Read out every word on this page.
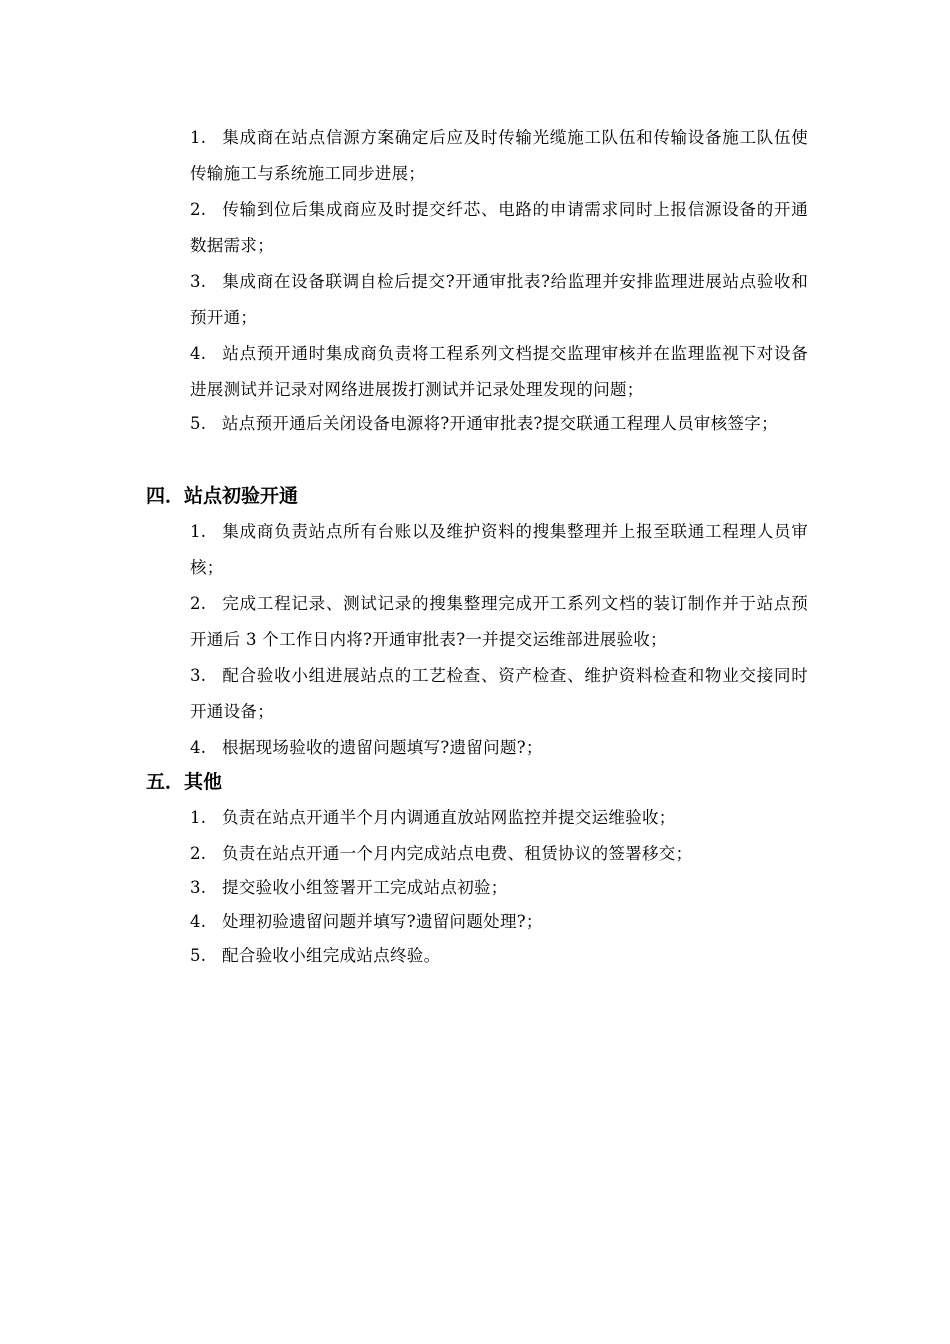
1. 集成商在站点信源方案确定后应及时传输光缆施工队伍和传输设备施工队伍使传输施工与系统施工同步进展；

2. 传输到位后集成商应及时提交纤芯、电路的申请需求同时上报信源设备的开通数据需求；

3. 集成商在设备联调自检后提交?开通审批表?给监理并安排监理进展站点验收和预开通；

4. 站点预开通时集成商负责将工程系列文档提交监理审核并在监理监视下对设备进展测试并记录对网络进展拨打测试并记录处理发现的问题；

5. 站点预开通后关闭设备电源将?开通审批表?提交联通工程理人员审核签字；

四．站点初验开通

1. 集成商负责站点所有台账以及维护资料的搜集整理并上报至联通工程理人员审核；

2. 完成工程记录、测试记录的搜集整理完成开工系列文档的装订制作并于站点预开通后 3 个工作日内将?开通审批表?一并提交运维部进展验收；

3. 配合验收小组进展站点的工艺检查、资产检查、维护资料检查和物业交接同时开通设备；

4. 根据现场验收的遗留问题填写?遗留问题?；

五．其他

1. 负责在站点开通半个月内调通直放站网监控并提交运维验收；

2. 负责在站点开通一个月内完成站点电费、租赁协议的签署移交；

3. 提交验收小组签署开工完成站点初验；

4. 处理初验遗留问题并填写?遗留问题处理?；

5. 配合验收小组完成站点终验。
